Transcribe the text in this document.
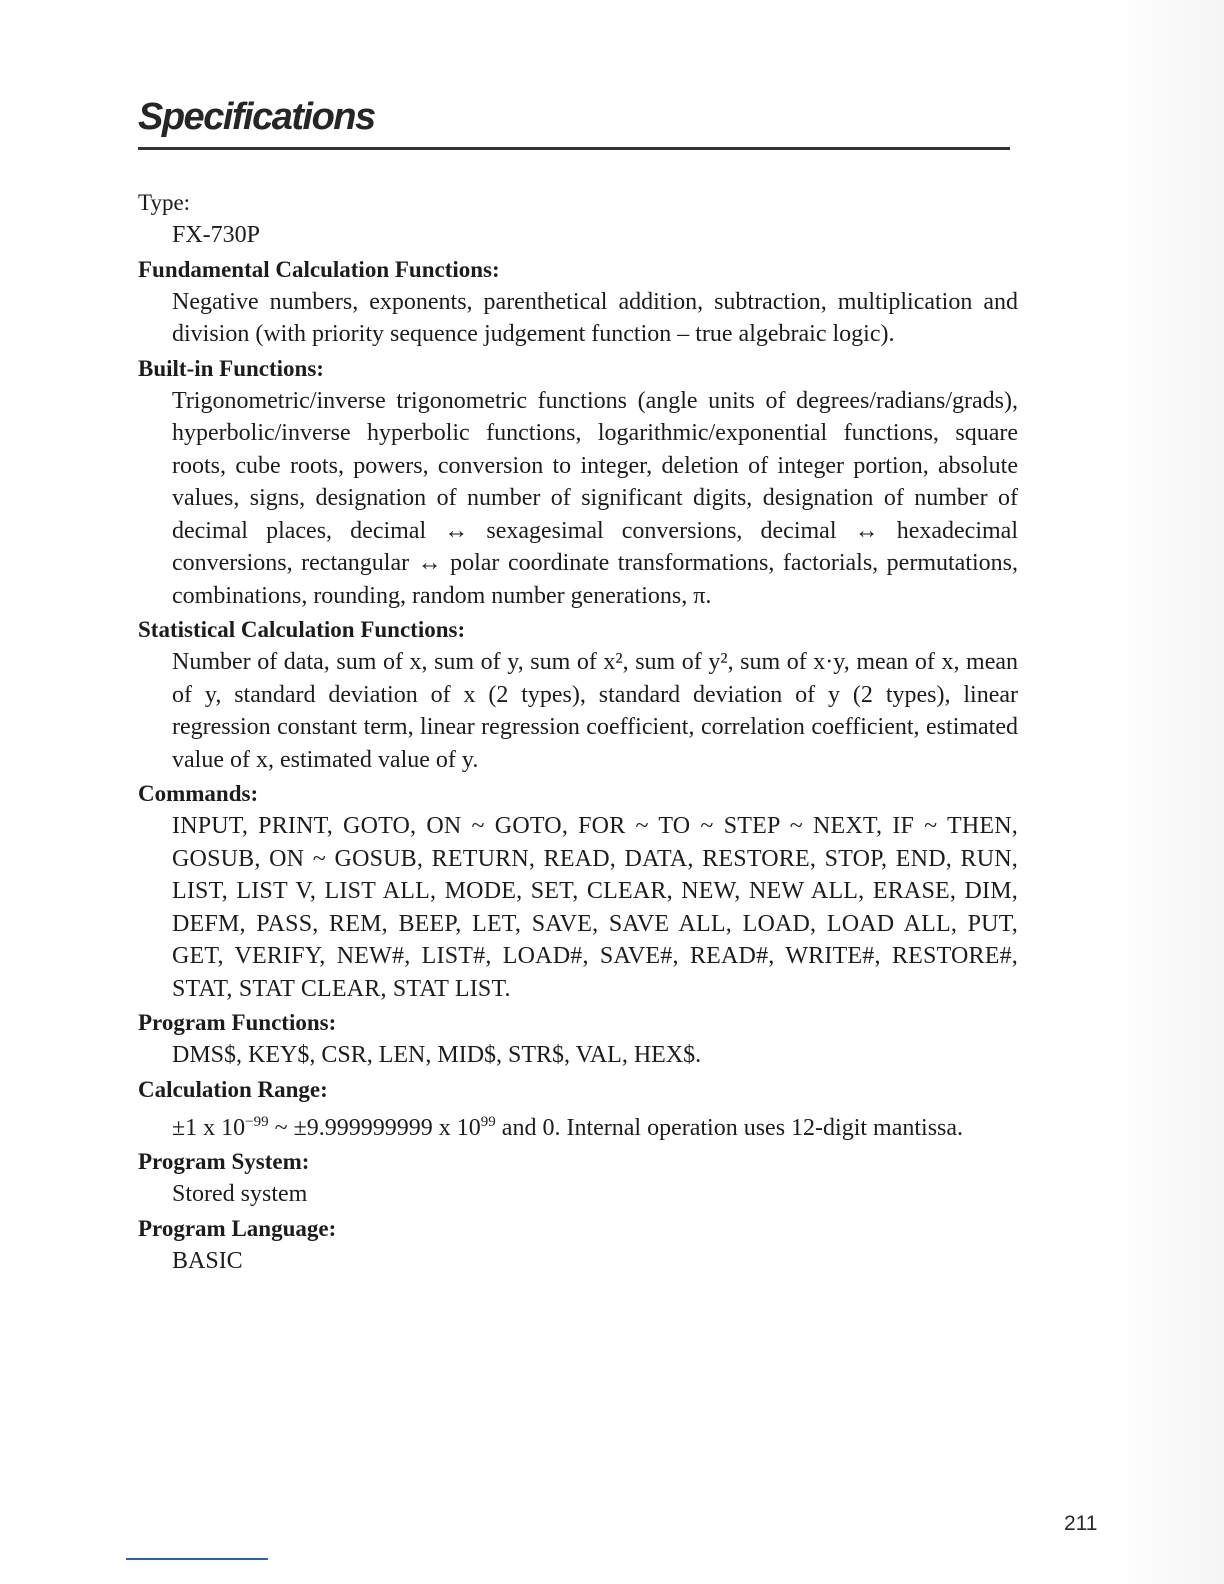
Specifications
Type:
FX-730P
Fundamental Calculation Functions:
Negative numbers, exponents, parenthetical addition, subtraction, multiplication and division (with priority sequence judgement function – true algebraic logic).
Built-in Functions:
Trigonometric/inverse trigonometric functions (angle units of degrees/radians/grads), hyperbolic/inverse hyperbolic functions, logarithmic/exponential functions, square roots, cube roots, powers, conversion to integer, deletion of integer portion, absolute values, signs, designation of number of significant digits, designation of number of decimal places, decimal ↔ sexagesimal conversions, decimal ↔ hexadecimal conversions, rectangular ↔ polar coordinate transformations, factorials, permutations, combinations, rounding, random number generations, π.
Statistical Calculation Functions:
Number of data, sum of x, sum of y, sum of x², sum of y², sum of x·y, mean of x, mean of y, standard deviation of x (2 types), standard deviation of y (2 types), linear regression constant term, linear regression coefficient, correlation coefficient, estimated value of x, estimated value of y.
Commands:
INPUT, PRINT, GOTO, ON ~ GOTO, FOR ~ TO ~ STEP ~ NEXT, IF ~ THEN, GOSUB, ON ~ GOSUB, RETURN, READ, DATA, RESTORE, STOP, END, RUN, LIST, LIST V, LIST ALL, MODE, SET, CLEAR, NEW, NEW ALL, ERASE, DIM, DEFM, PASS, REM, BEEP, LET, SAVE, SAVE ALL, LOAD, LOAD ALL, PUT, GET, VERIFY, NEW#, LIST#, LOAD#, SAVE#, READ#, WRITE#, RESTORE#, STAT, STAT CLEAR, STAT LIST.
Program Functions:
DMS$, KEY$, CSR, LEN, MID$, STR$, VAL, HEX$.
Calculation Range:
±1 x $10^{-99}$ ~ ±9.999999999 x $10^{99}$ and 0. Internal operation uses 12-digit mantissa.
Program System:
Stored system
Program Language:
BASIC
211
